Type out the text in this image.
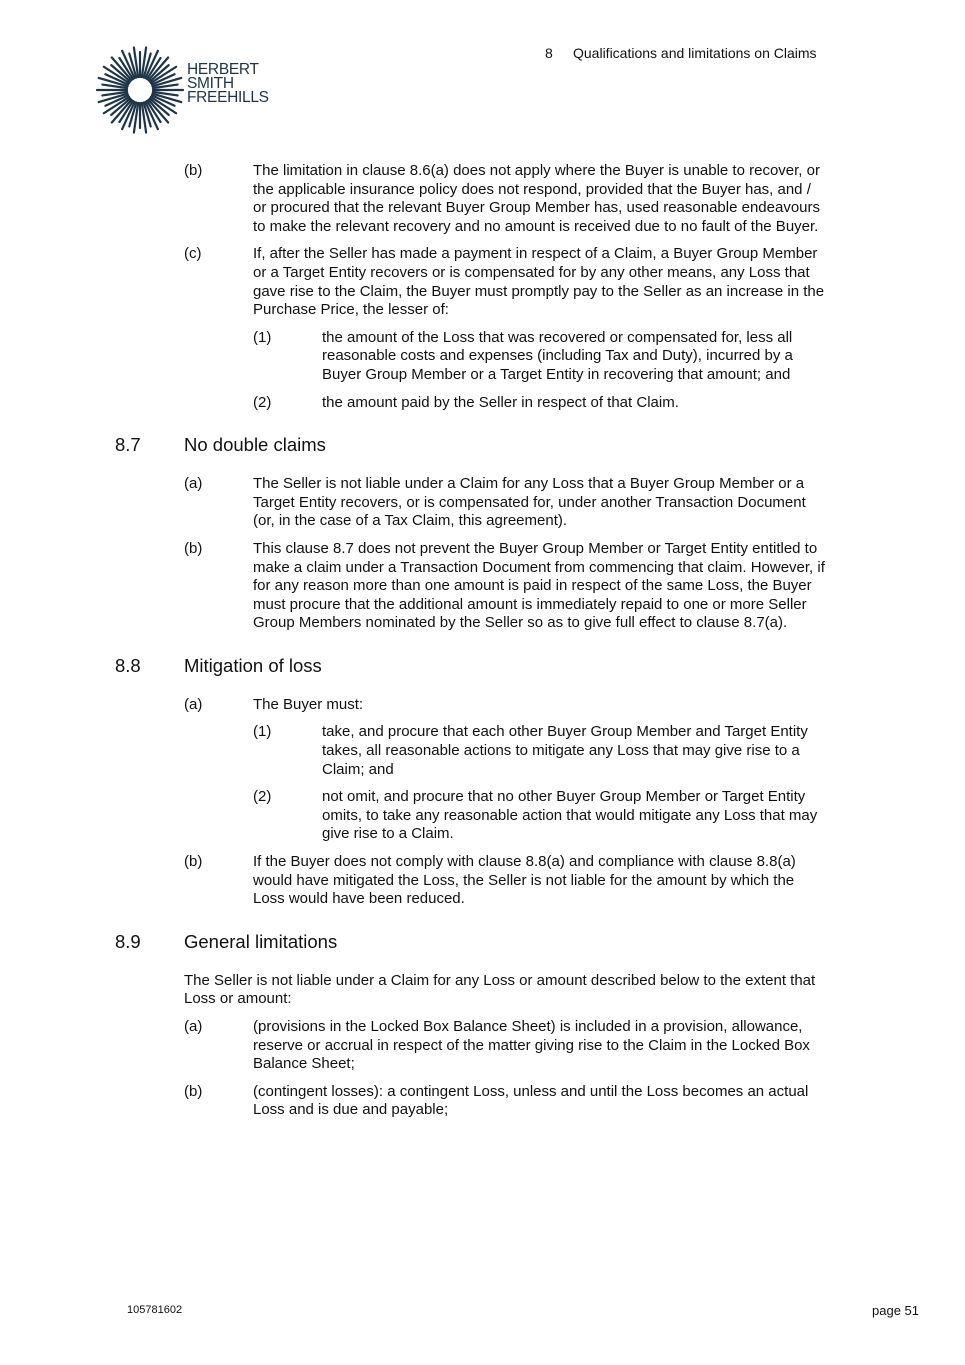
HERBERT
SMITH
FREEHILLS
8 Qualifications and limitations on Claims
(b)	The limitation in clause 8.6(a) does not apply where the Buyer is unable to recover, or the applicable insurance policy does not respond, provided that the Buyer has, and / or procured that the relevant Buyer Group Member has, used reasonable endeavours to make the relevant recovery and no amount is received due to no fault of the Buyer.
(c)	If, after the Seller has made a payment in respect of a Claim, a Buyer Group Member or a Target Entity recovers or is compensated for by any other means, any Loss that gave rise to the Claim, the Buyer must promptly pay to the Seller as an increase in the Purchase Price, the lesser of:
(1)	the amount of the Loss that was recovered or compensated for, less all reasonable costs and expenses (including Tax and Duty), incurred by a Buyer Group Member or a Target Entity in recovering that amount; and
(2)	the amount paid by the Seller in respect of that Claim.
8.7 No double claims
(a)	The Seller is not liable under a Claim for any Loss that a Buyer Group Member or a Target Entity recovers, or is compensated for, under another Transaction Document (or, in the case of a Tax Claim, this agreement).
(b)	This clause 8.7 does not prevent the Buyer Group Member or Target Entity entitled to make a claim under a Transaction Document from commencing that claim. However, if for any reason more than one amount is paid in respect of the same Loss, the Buyer must procure that the additional amount is immediately repaid to one or more Seller Group Members nominated by the Seller so as to give full effect to clause 8.7(a).
8.8 Mitigation of loss
(a)	The Buyer must:
(1)	take, and procure that each other Buyer Group Member and Target Entity takes, all reasonable actions to mitigate any Loss that may give rise to a Claim; and
(2)	not omit, and procure that no other Buyer Group Member or Target Entity omits, to take any reasonable action that would mitigate any Loss that may give rise to a Claim.
(b)	If the Buyer does not comply with clause 8.8(a) and compliance with clause 8.8(a) would have mitigated the Loss, the Seller is not liable for the amount by which the Loss would have been reduced.
8.9 General limitations
The Seller is not liable under a Claim for any Loss or amount described below to the extent that Loss or amount:
(a)	(provisions in the Locked Box Balance Sheet) is included in a provision, allowance, reserve or accrual in respect of the matter giving rise to the Claim in the Locked Box Balance Sheet;
(b)	(contingent losses): a contingent Loss, unless and until the Loss becomes an actual Loss and is due and payable;
105781602	page 51
